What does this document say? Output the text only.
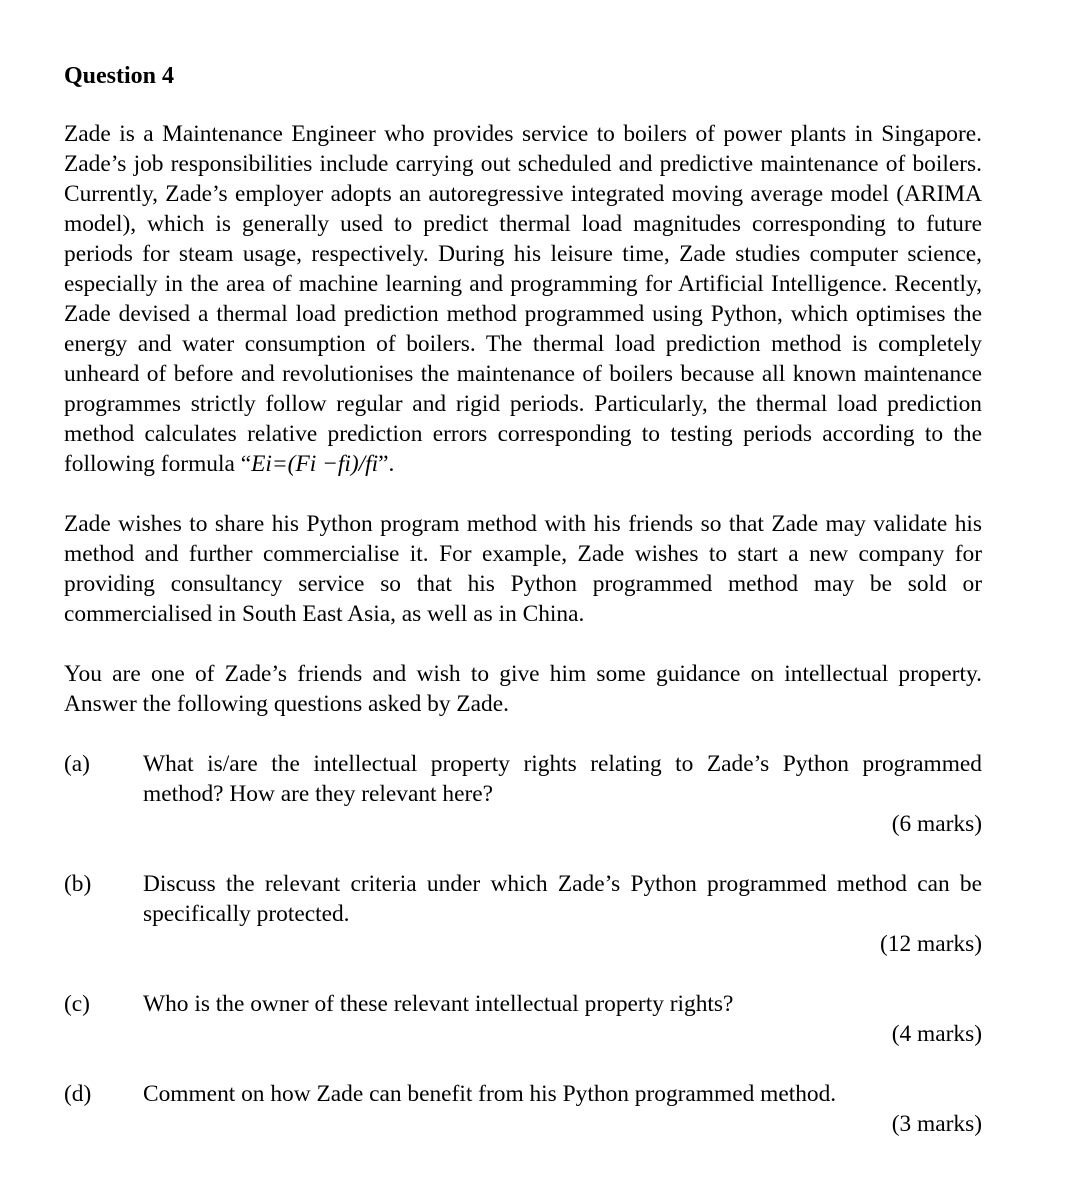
Question 4

Zade is a Maintenance Engineer who provides service to boilers of power plants in Singapore. Zade’s job responsibilities include carrying out scheduled and predictive maintenance of boilers. Currently, Zade’s employer adopts an autoregressive integrated moving average model (ARIMA model), which is generally used to predict thermal load magnitudes corresponding to future periods for steam usage, respectively. During his leisure time, Zade studies computer science, especially in the area of machine learning and programming for Artificial Intelligence. Recently, Zade devised a thermal load prediction method programmed using Python, which optimises the energy and water consumption of boilers. The thermal load prediction method is completely unheard of before and revolutionises the maintenance of boilers because all known maintenance programmes strictly follow regular and rigid periods. Particularly, the thermal load prediction method calculates relative prediction errors corresponding to testing periods according to the following formula “Ei=(Fi −fi)/fi”.

Zade wishes to share his Python program method with his friends so that Zade may validate his method and further commercialise it. For example, Zade wishes to start a new company for providing consultancy service so that his Python programmed method may be sold or commercialised in South East Asia, as well as in China.

You are one of Zade’s friends and wish to give him some guidance on intellectual property. Answer the following questions asked by Zade.

(a) What is/are the intellectual property rights relating to Zade’s Python programmed method? How are they relevant here?
(6 marks)
(b) Discuss the relevant criteria under which Zade’s Python programmed method can be specifically protected.
(12 marks)
(c) Who is the owner of these relevant intellectual property rights?
(4 marks)
(d) Comment on how Zade can benefit from his Python programmed method.
(3 marks)
